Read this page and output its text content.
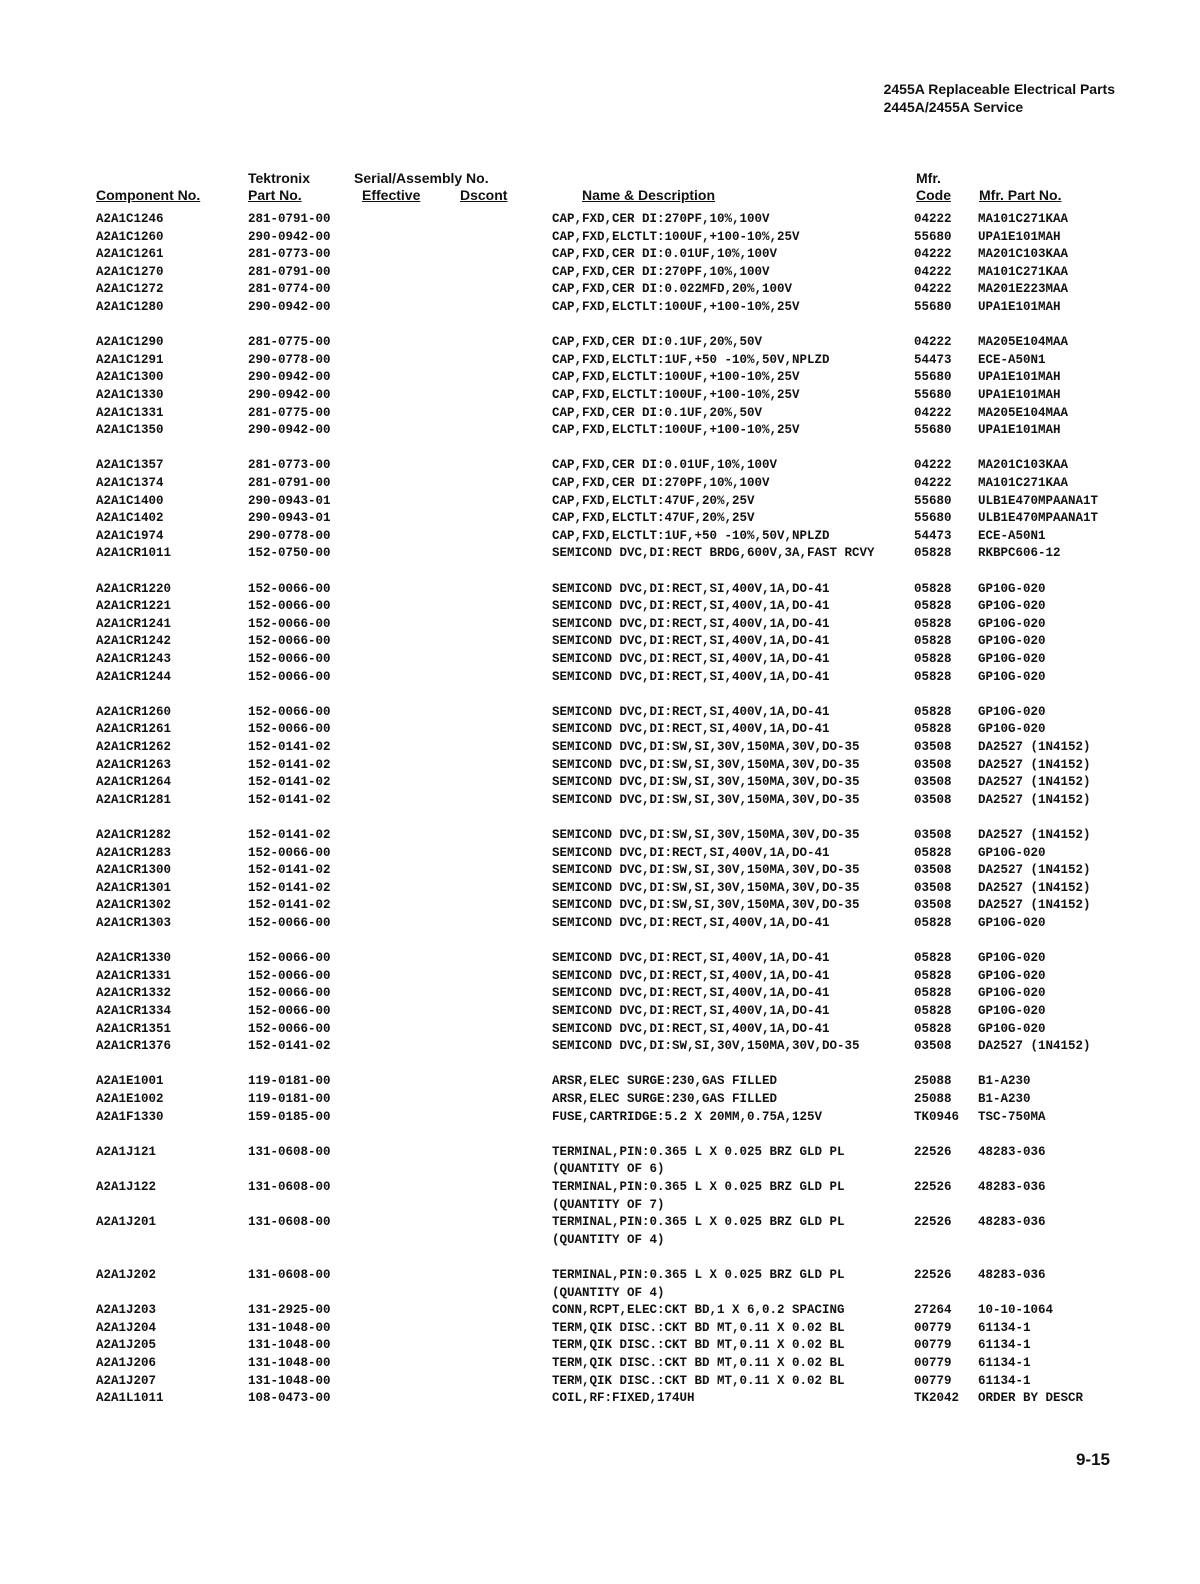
2455A Replaceable Electrical Parts
2445A/2455A Service
Component No.
Tektronix
Part No.
Serial/Assembly No.
Effective	Dscont	Name & Description
Mfr.
Code Mfr. Part No.
A2A1C1246	281-0791-00	CAP,FXD,CER DI:270PF,10%,100V	04222 MA101C271KAA
A2A1C1260	290-0942-00	CAP,FXD,ELCTLT:100UF,+100-10%,25V	55680 UPA1E101MAH
A2A1C1261	281-0773-00	CAP,FXD,CER DI:0.01UF,10%,100V	04222 MA201C103KAA
A2A1C1270	281-0791-00	CAP,FXD,CER DI:270PF,10%,100V	04222 MA101C271KAA
A2A1C1272	281-0774-00	CAP,FXD,CER DI:0.022MFD,20%,100V	04222 MA201E223MAA
A2A1C1280	290-0942-00	CAP,FXD,ELCTLT:100UF,+100-10%,25V	55680 UPA1E101MAH
A2A1C1290	281-0775-00	CAP,FXD,CER DI:0.1UF,20%,50V	04222 MA205E104MAA
A2A1C1291	290-0778-00	CAP,FXD,ELCTLT:1UF,+50 -10%,50V,NPLZD	54473 ECE-A50N1
A2A1C1300	290-0942-00	CAP,FXD,ELCTLT:100UF,+100-10%,25V	55680 UPA1E101MAH
A2A1C1330	290-0942-00	CAP,FXD,ELCTLT:100UF,+100-10%,25V	55680 UPA1E101MAH
A2A1C1331	281-0775-00	CAP,FXD,CER DI:0.1UF,20%,50V	04222 MA205E104MAA
A2A1C1350	290-0942-00	CAP,FXD,ELCTLT:100UF,+100-10%,25V	55680 UPA1E101MAH
A2A1C1357	281-0773-00	CAP,FXD,CER DI:0.01UF,10%,100V	04222 MA201C103KAA
A2A1C1374	281-0791-00	CAP,FXD,CER DI:270PF,10%,100V	04222 MA101C271KAA
A2A1C1400	290-0943-01	CAP,FXD,ELCTLT:47UF,20%,25V	55680 ULB1E470MPAANA1T
A2A1C1402	290-0943-01	CAP,FXD,ELCTLT:47UF,20%,25V	55680 ULB1E470MPAANA1T
A2A1C1974	290-0778-00	CAP,FXD,ELCTLT:1UF,+50 -10%,50V,NPLZD	54473 ECE-A50N1
A2A1CR1011	152-0750-00	SEMICOND DVC,DI:RECT BRDG,600V,3A,FAST RCVY	05828 RKBPC606-12
A2A1CR1220	152-0066-00	SEMICOND DVC,DI:RECT,SI,400V,1A,DO-41	05828 GP10G-020
A2A1CR1221	152-0066-00	SEMICOND DVC,DI:RECT,SI,400V,1A,DO-41	05828 GP10G-020
A2A1CR1241	152-0066-00	SEMICOND DVC,DI:RECT,SI,400V,1A,DO-41	05828 GP10G-020
A2A1CR1242	152-0066-00	SEMICOND DVC,DI:RECT,SI,400V,1A,DO-41	05828 GP10G-020
A2A1CR1243	152-0066-00	SEMICOND DVC,DI:RECT,SI,400V,1A,DO-41	05828 GP10G-020
A2A1CR1244	152-0066-00	SEMICOND DVC,DI:RECT,SI,400V,1A,DO-41	05828 GP10G-020
A2A1CR1260	152-0066-00	SEMICOND DVC,DI:RECT,SI,400V,1A,DO-41	05828 GP10G-020
A2A1CR1261	152-0066-00	SEMICOND DVC,DI:RECT,SI,400V,1A,DO-41	05828 GP10G-020
A2A1CR1262	152-0141-02	SEMICOND DVC,DI:SW,SI,30V,150MA,30V,DO-35	03508 DA2527 (1N4152)
A2A1CR1263	152-0141-02	SEMICOND DVC,DI:SW,SI,30V,150MA,30V,DO-35	03508 DA2527 (1N4152)
A2A1CR1264	152-0141-02	SEMICOND DVC,DI:SW,SI,30V,150MA,30V,DO-35	03508 DA2527 (1N4152)
A2A1CR1281	152-0141-02	SEMICOND DVC,DI:SW,SI,30V,150MA,30V,DO-35	03508 DA2527 (1N4152)
A2A1CR1282	152-0141-02	SEMICOND DVC,DI:SW,SI,30V,150MA,30V,DO-35	03508 DA2527 (1N4152)
A2A1CR1283	152-0066-00	SEMICOND DVC,DI:RECT,SI,400V,1A,DO-41	05828 GP10G-020
A2A1CR1300	152-0141-02	SEMICOND DVC,DI:SW,SI,30V,150MA,30V,DO-35	03508 DA2527 (1N4152)
A2A1CR1301	152-0141-02	SEMICOND DVC,DI:SW,SI,30V,150MA,30V,DO-35	03508 DA2527 (1N4152)
A2A1CR1302	152-0141-02	SEMICOND DVC,DI:SW,SI,30V,150MA,30V,DO-35	03508 DA2527 (1N4152)
A2A1CR1303	152-0066-00	SEMICOND DVC,DI:RECT,SI,400V,1A,DO-41	05828 GP10G-020
A2A1CR1330	152-0066-00	SEMICOND DVC,DI:RECT,SI,400V,1A,DO-41	05828 GP10G-020
A2A1CR1331	152-0066-00	SEMICOND DVC,DI:RECT,SI,400V,1A,DO-41	05828 GP10G-020
A2A1CR1332	152-0066-00	SEMICOND DVC,DI:RECT,SI,400V,1A,DO-41	05828 GP10G-020
A2A1CR1334	152-0066-00	SEMICOND DVC,DI:RECT,SI,400V,1A,DO-41	05828 GP10G-020
A2A1CR1351	152-0066-00	SEMICOND DVC,DI:RECT,SI,400V,1A,DO-41	05828 GP10G-020
A2A1CR1376	152-0141-02	SEMICOND DVC,DI:SW,SI,30V,150MA,30V,DO-35	03508 DA2527 (1N4152)
A2A1E1001	119-0181-00	ARSR,ELEC SURGE:230,GAS FILLED	25088 B1-A230
A2A1E1002	119-0181-00	ARSR,ELEC SURGE:230,GAS FILLED	25088 B1-A230
A2A1F1330	159-0185-00	FUSE,CARTRIDGE:5.2 X 20MM,0.75A,125V	TK0946 TSC-750MA
A2A1J121	131-0608-00	TERMINAL,PIN:0.365 L X 0.025 BRZ GLD PL	22526 48283-036
(QUANTITY OF 6)
A2A1J122	131-0608-00	TERMINAL,PIN:0.365 L X 0.025 BRZ GLD PL	22526 48283-036
(QUANTITY OF 7)
A2A1J201	131-0608-00	TERMINAL,PIN:0.365 L X 0.025 BRZ GLD PL	22526 48283-036
(QUANTITY OF 4)
A2A1J202	131-0608-00	TERMINAL,PIN:0.365 L X 0.025 BRZ GLD PL	22526 48283-036
(QUANTITY OF 4)
A2A1J203	131-2925-00	CONN,RCPT,ELEC:CKT BD,1 X 6,0.2 SPACING	27264 10-10-1064
A2A1J204	131-1048-00	TERM,QIK DISC.:CKT BD MT,0.11 X 0.02 BL	00779 61134-1
A2A1J205	131-1048-00	TERM,QIK DISC.:CKT BD MT,0.11 X 0.02 BL	00779 61134-1
A2A1J206	131-1048-00	TERM,QIK DISC.:CKT BD MT,0.11 X 0.02 BL	00779 61134-1
A2A1J207	131-1048-00	TERM,QIK DISC.:CKT BD MT,0.11 X 0.02 BL	00779 61134-1
A2A1L1011	108-0473-00	COIL,RF:FIXED,174UH	TK2042 ORDER BY DESCR
9-15
